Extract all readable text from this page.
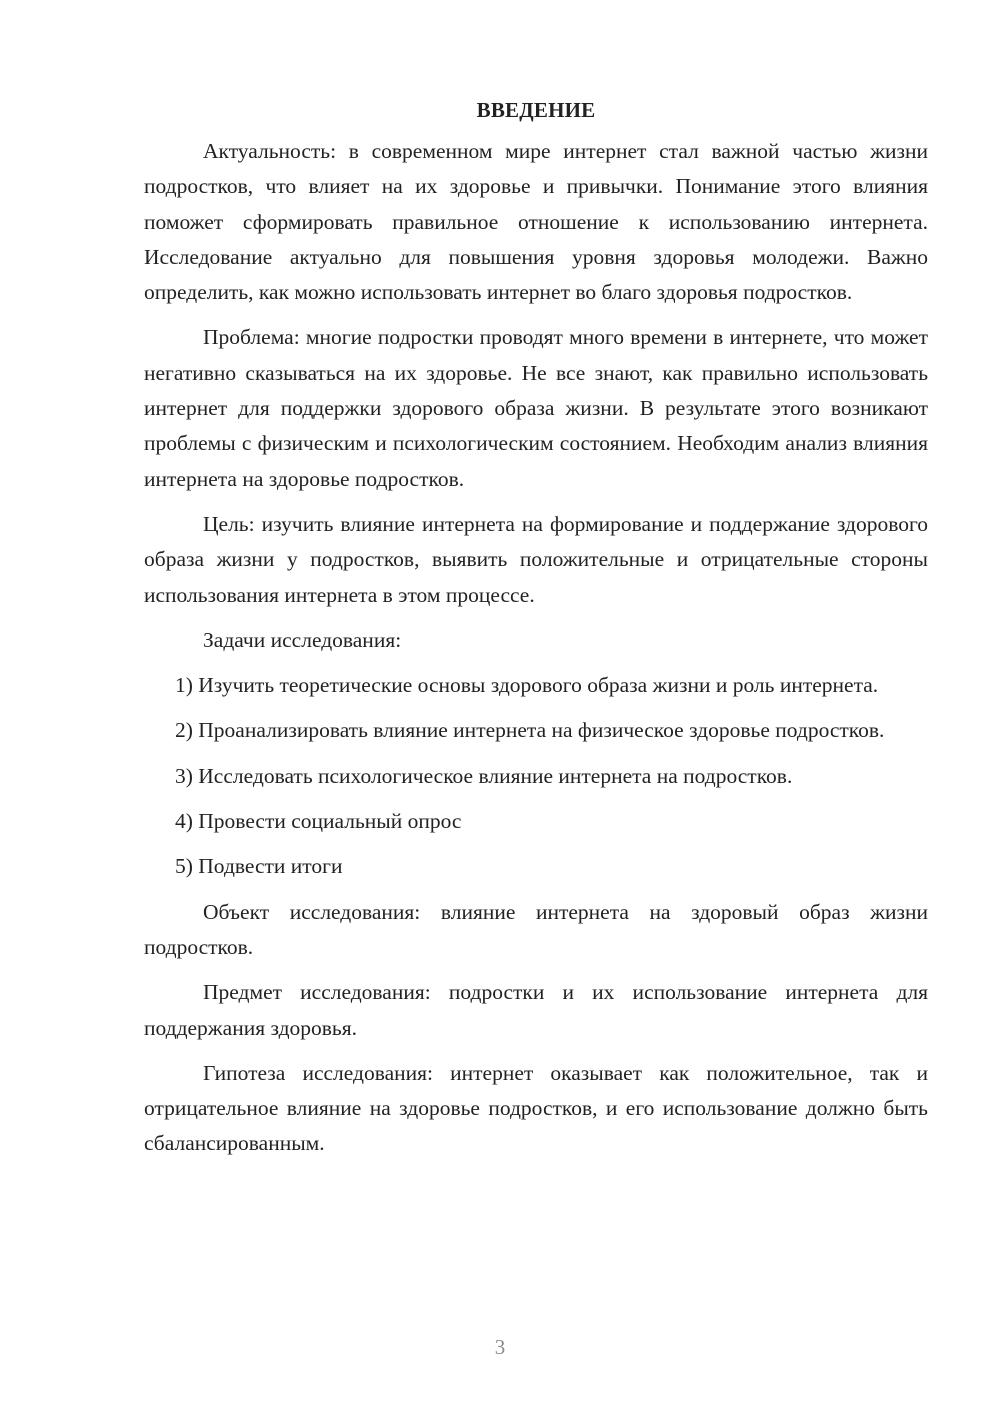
ВВЕДЕНИЕ

Актуальность: в современном мире интернет стал важной частью жизни подростков, что влияет на их здоровье и привычки. Понимание этого влияния поможет сформировать правильное отношение к использованию интернета. Исследование актуально для повышения уровня здоровья молодежи. Важно определить, как можно использовать интернет во благо здоровья подростков.

Проблема: многие подростки проводят много времени в интернете, что может негативно сказываться на их здоровье. Не все знают, как правильно использовать интернет для поддержки здорового образа жизни. В результате этого возникают проблемы с физическим и психологическим состоянием. Необходим анализ влияния интернета на здоровье подростков.

Цель: изучить влияние интернета на формирование и поддержание здорового образа жизни у подростков, выявить положительные и отрицательные стороны использования интернета в этом процессе.

Задачи исследования:

1) Изучить теоретические основы здорового образа жизни и роль интернета.

2) Проанализировать влияние интернета на физическое здоровье подростков.

3) Исследовать психологическое влияние интернета на подростков.

4) Провести социальный опрос

5) Подвести итоги

Объект исследования: влияние интернета на здоровый образ жизни подростков.

Предмет исследования: подростки и их использование интернета для поддержания здоровья.

Гипотеза исследования: интернет оказывает как положительное, так и отрицательное влияние на здоровье подростков, и его использование должно быть сбалансированным.

3
